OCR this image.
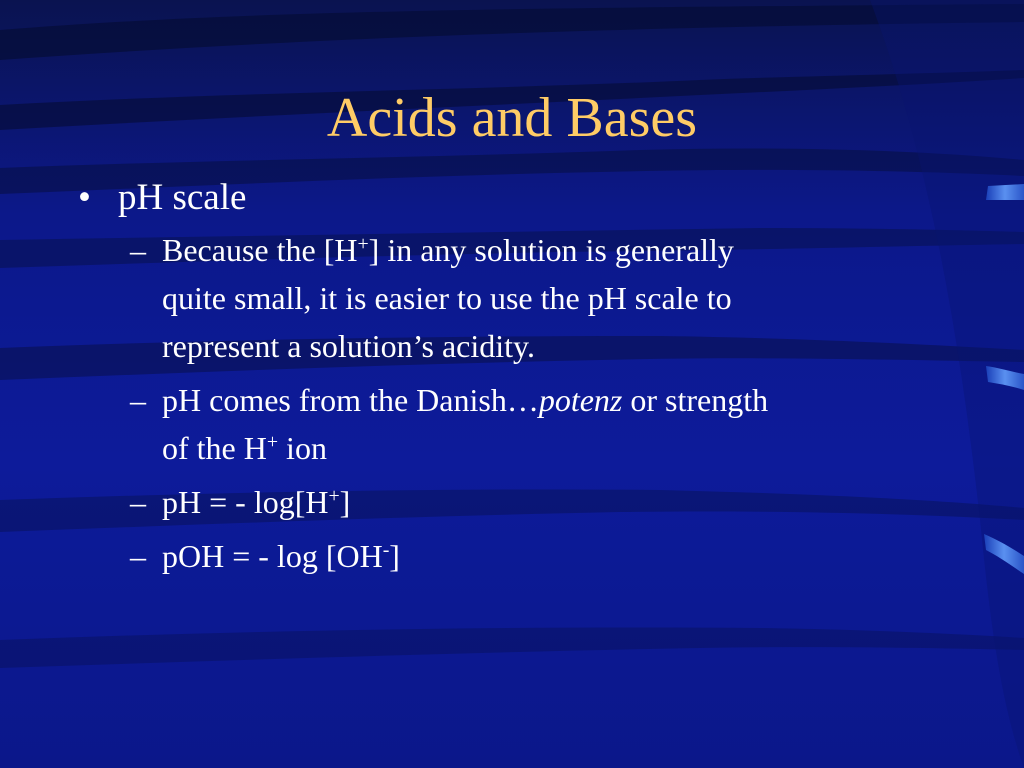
Acids and Bases
• pH scale
– Because the [H+] in any solution is generally
quite small, it is easier to use the pH scale to
represent a solution’s acidity.
– pH comes from the Danish…potenz or strength
of the H+ ion
– pH = - log[H+]
– pOH = - log [OH-]
